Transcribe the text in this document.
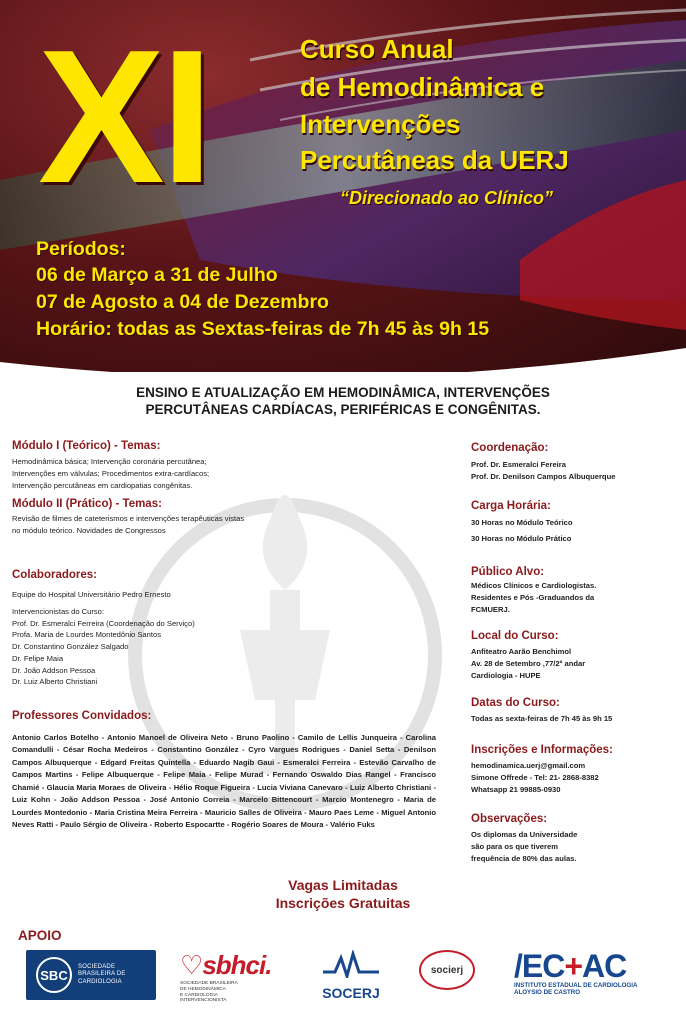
XI	Curso Anual
de Hemodinâmica e
Intervenções
Percutâneas da UERJ
“Direcionado ao Clínico”
Períodos:
06 de Março a 31 de Julho
07 de Agosto a 04 de Dezembro
Horário: todas as Sextas-feiras de 7h 45 às 9h 15
ENSINO E ATUALIZAÇÃO EM HEMODINÂMICA, INTERVENÇÕES
PERCUTÂNEAS CARDÍACAS, PERIFÉRICAS E CONGÊNITAS.
Módulo I (Teórico) - Temas:
Hemodinâmica básica; Intervenção coronária percutânea;
Intervenções em válvulas; Procedimentos extra-cardíacos;
Intervenção percutâneas em cardiopatias congênitas.
Módulo II (Prático) - Temas:
Revisão de filmes de cateterismos e intervenções terapêuticas vistas
no módulo teórico. Novidades de Congressos
Colaboradores:
Equipe do Hospital Universitário Pedro Ernesto
Intervencionistas do Curso:
Prof. Dr. Esmeralci Ferreira (Coordenação do Serviço)
Profa. Maria de Lourdes Montedônio Santos
Dr. Constantino González Salgado
Dr. Felipe Maia
Dr. João Addson Pessoa
Dr. Luiz Alberto Christiani
Professores Convidados:
Antonio Carlos Botelho - Antonio Manoel de Oliveira Neto - Bruno Paolino - Camilo de Lellis Junqueira - Carolina Comandulli - César Rocha Medeiros - Constantino González - Cyro Vargues Rodrigues - Daniel Setta - Denilson Campos Albuquerque - Edgard Freitas Quintella - Eduardo Nagib Gaui - Esmeralci Ferreira - Estevão Carvalho de Campos Martins - Felipe Albuquerque - Felipe Maia - Felipe Murad - Fernando Oswaldo Dias Rangel - Francisco Chamié - Glaucia Maria Moraes de Oliveira - Hélio Roque Figueira - Lucia Viviana Canevaro - Luiz Alberto Christiani - Luiz Kohn - João Addson Pessoa - José Antonio Correia - Marcelo Bittencourt - Marcio Montenegro - Maria de Lourdes Montedonio - Maria Cristina Meira Ferreira - Mauricio Salles de Oliveira - Mauro Paes Leme - Miguel Antonio Neves Ratti - Paulo Sérgio de Oliveira - Roberto Espocartte - Rogério Soares de Moura - Valério Fuks
Coordenação:
Prof. Dr. Esmeralci Fereira
Prof. Dr. Denilson Campos Albuquerque
Carga Horária:
30 Horas no Módulo Teórico
30 Horas no Módulo Prático
Público Alvo:
Médicos Clínicos e Cardiologistas.
Residentes e Pós -Graduandos da
FCMUERJ.
Local do Curso:
Anfiteatro Aarão Benchimol
Av. 28 de Setembro ,77/2º andar
Cardiologia - HUPE
Datas do Curso:
Todas as sexta-feiras de 7h 45 às 9h 15
Inscrições e Informações:
hemodinamica.uerj@gmail.com
Simone Offrede - Tel: 21- 2868-8382
Whatsapp 21 99885-0930
Observações:
Os diplomas da Universidade
são para os que tiverem
frequência de 80% das aulas.
Vagas Limitadas
Inscrições Gratuitas
APOIO
SBC
SOCIEDADE
BRASILEIRA DE
CARDIOLOGIA
♡sbhci.
SOCIEDADE BRASILEIRA
DE HEMODINÂMICA
E CARDIOLOGIA
INTERVENCIONISTA	SOCERJ
socierj	/EC+AC
INSTITUTO ESTADUAL DE CARDIOLOGIA
ALOYSIO DE CASTRO
